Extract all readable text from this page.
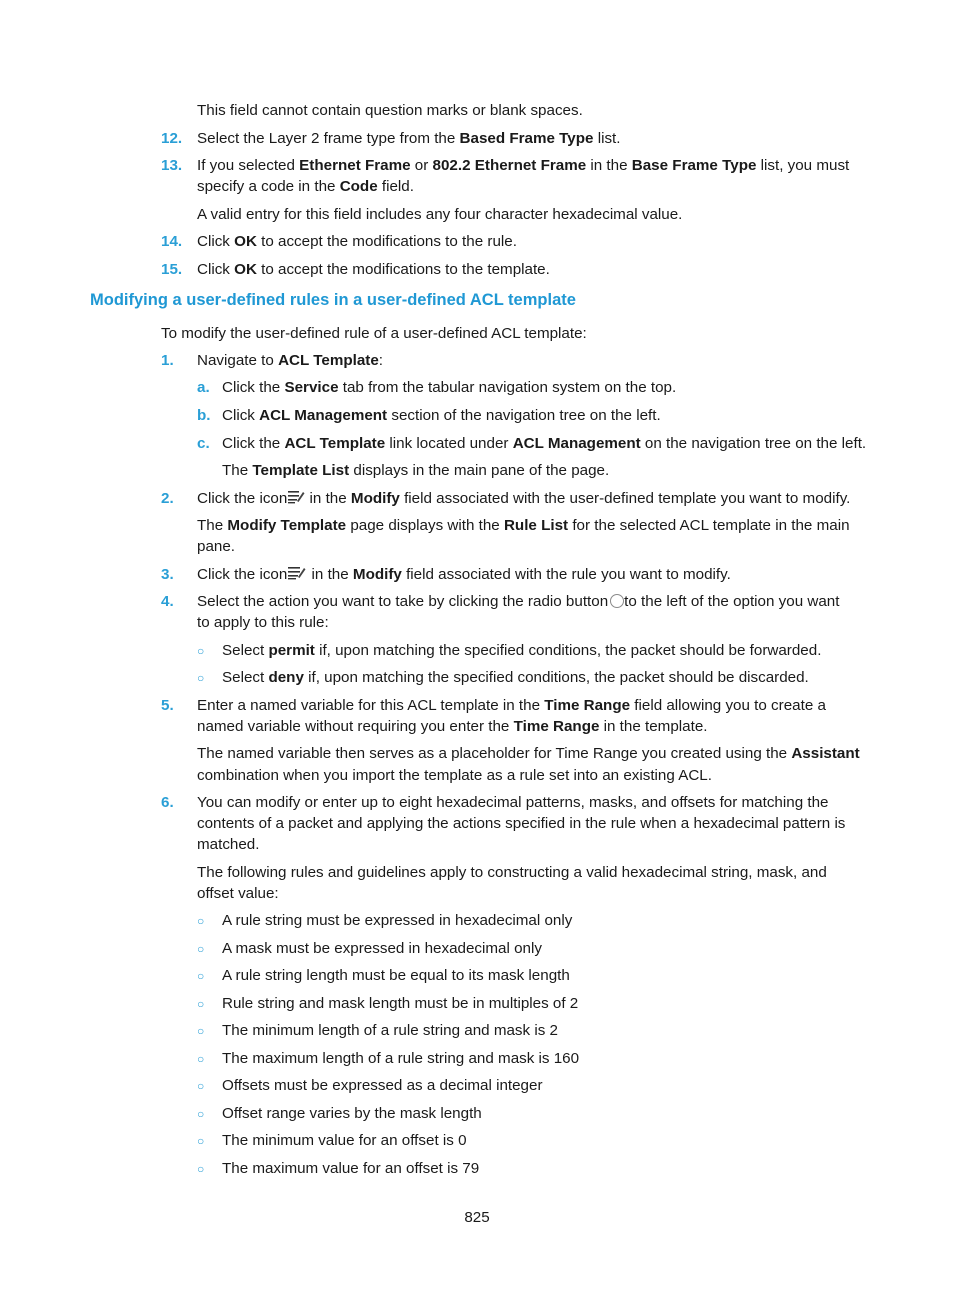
This field cannot contain question marks or blank spaces.
12. Select the Layer 2 frame type from the Based Frame Type list.
13. If you selected Ethernet Frame or 802.2 Ethernet Frame in the Base Frame Type list, you must
specify a code in the Code field.
A valid entry for this field includes any four character hexadecimal value.
14. Click OK to accept the modifications to the rule.
15. Click OK to accept the modifications to the template.
Modifying a user-defined rules in a user-defined ACL template
To modify the user-defined rule of a user-defined ACL template:
1. Navigate to ACL Template:
a. Click the Service tab from the tabular navigation system on the top.
b. Click ACL Management section of the navigation tree on the left.
c. Click the ACL Template link located under ACL Management on the navigation tree on the left.
The Template List displays in the main pane of the page.
2. Click the icon in the Modify field associated with the user-defined template you want to modify.
The Modify Template page displays with the Rule List for the selected ACL template in the main
pane.
3. Click the icon in the Modify field associated with the rule you want to modify.
4. Select the action you want to take by clicking the radio button to the left of the option you want
to apply to this rule:
○ Select permit if, upon matching the specified conditions, the packet should be forwarded.
○ Select deny if, upon matching the specified conditions, the packet should be discarded.
5. Enter a named variable for this ACL template in the Time Range field allowing you to create a
named variable without requiring you enter the Time Range in the template.
The named variable then serves as a placeholder for Time Range you created using the Assistant
combination when you import the template as a rule set into an existing ACL.
6. You can modify or enter up to eight hexadecimal patterns, masks, and offsets for matching the
contents of a packet and applying the actions specified in the rule when a hexadecimal pattern is
matched.
The following rules and guidelines apply to constructing a valid hexadecimal string, mask, and
offset value:
○ A rule string must be expressed in hexadecimal only
○ A mask must be expressed in hexadecimal only
○ A rule string length must be equal to its mask length
○ Rule string and mask length must be in multiples of 2
○ The minimum length of a rule string and mask is 2
○ The maximum length of a rule string and mask is 160
○ Offsets must be expressed as a decimal integer
○ Offset range varies by the mask length
○ The minimum value for an offset is 0
○ The maximum value for an offset is 79
825
